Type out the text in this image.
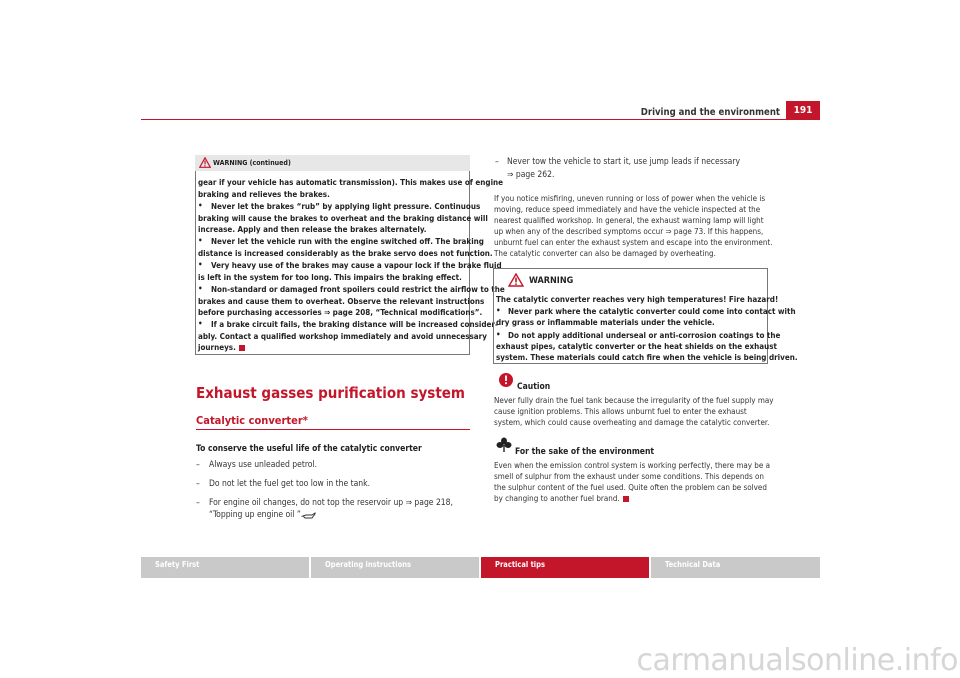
Driving and the environment	191
WARNING (continued)
gear if your vehicle has automatic transmission). This makes use of engine
braking and relieves the brakes.
• Never let the brakes “rub” by applying light pressure. Continuous
braking will cause the brakes to overheat and the braking distance will
increase. Apply and then release the brakes alternately.
• Never let the vehicle run with the engine switched off. The braking
distance is increased considerably as the brake servo does not function.
• Very heavy use of the brakes may cause a vapour lock if the brake fluid
is left in the system for too long. This impairs the braking effect.
• Non-standard or damaged front spoilers could restrict the airflow to the
brakes and cause them to overheat. Observe the relevant instructions
before purchasing accessories ⇒ page 208, “Technical modifications”.
• If a brake circuit fails, the braking distance will be increased consider-
ably. Contact a qualified workshop immediately and avoid unnecessary
journeys.
Exhaust gasses purification system
Catalytic converter*
To conserve the useful life of the catalytic converter
– Always use unleaded petrol.
– Do not let the fuel get too low in the tank.
– For engine oil changes, do not top the reservoir up ⇒ page 218,
“Topping up engine oil ”.
– Never tow the vehicle to start it, use jump leads if necessary
⇒ page 262.
If you notice misfiring, uneven running or loss of power when the vehicle is
moving, reduce speed immediately and have the vehicle inspected at the
nearest qualified workshop. In general, the exhaust warning lamp will light
up when any of the described symptoms occur ⇒ page 73. If this happens,
unburnt fuel can enter the exhaust system and escape into the environment.
The catalytic converter can also be damaged by overheating.
WARNING
The catalytic converter reaches very high temperatures! Fire hazard!
• Never park where the catalytic converter could come into contact with
dry grass or inflammable materials under the vehicle.
• Do not apply additional underseal or anti-corrosion coatings to the
exhaust pipes, catalytic converter or the heat shields on the exhaust
system. These materials could catch fire when the vehicle is being driven.
Caution
Never fully drain the fuel tank because the irregularity of the fuel supply may
cause ignition problems. This allows unburnt fuel to enter the exhaust
system, which could cause overheating and damage the catalytic converter.
For the sake of the environment
Even when the emission control system is working perfectly, there may be a
smell of sulphur from the exhaust under some conditions. This depends on
the sulphur content of the fuel used. Quite often the problem can be solved
by changing to another fuel brand.
Safety First	Operating instructions	Practical tips	Technical Data
carmanualsonline.info
